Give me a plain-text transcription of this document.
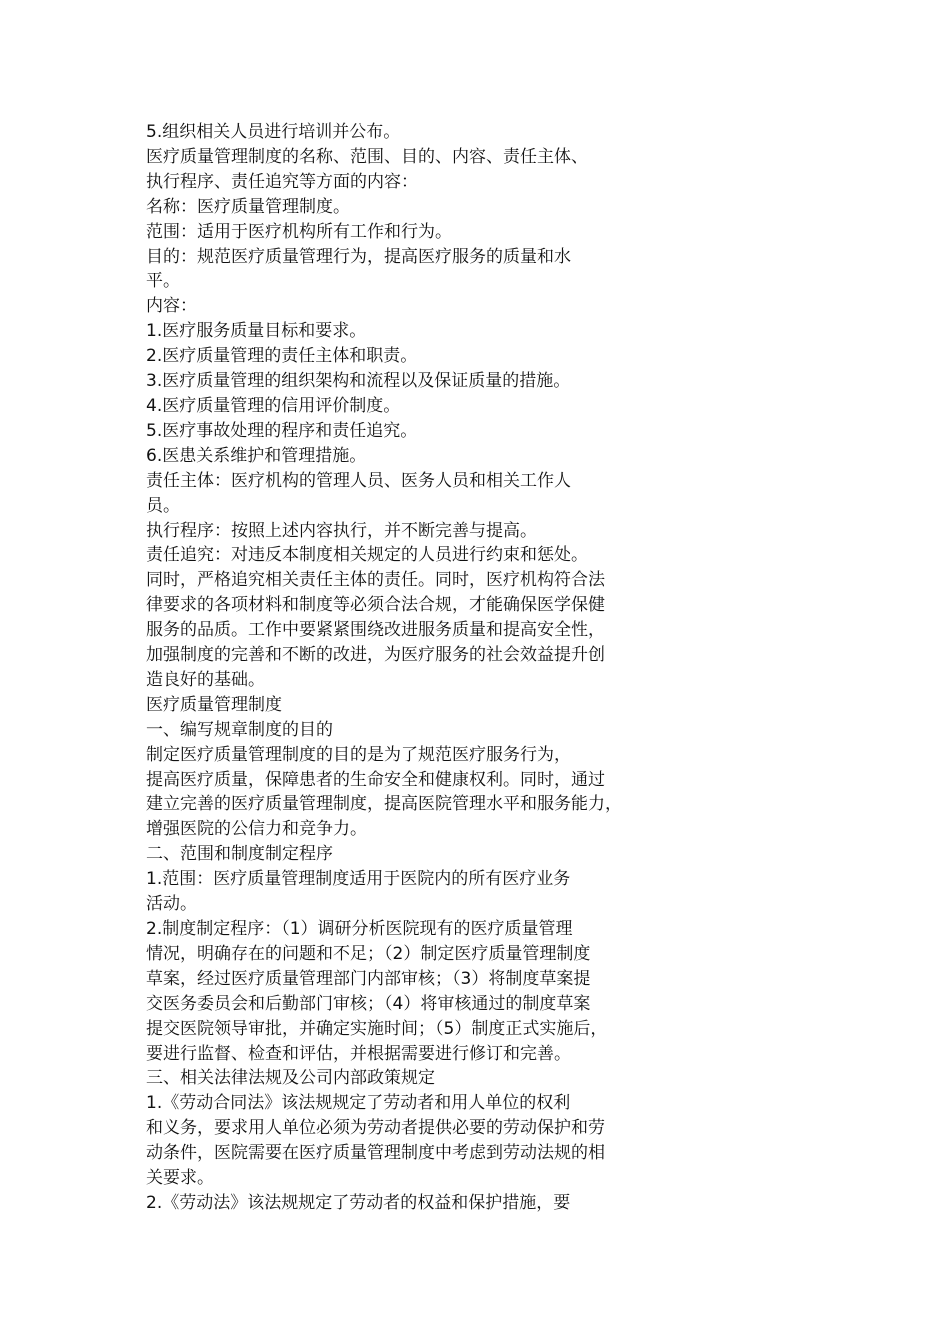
5.组织相关人员进行培训并公布。
医疗质量管理制度的名称、范围、目的、内容、责任主体、
执行程序、责任追究等方面的内容：
名称：医疗质量管理制度。
范围：适用于医疗机构所有工作和行为。
目的：规范医疗质量管理行为，提高医疗服务的质量和水
平。
内容：
1.医疗服务质量目标和要求。
2.医疗质量管理的责任主体和职责。
3.医疗质量管理的组织架构和流程以及保证质量的措施。
4.医疗质量管理的信用评价制度。
5.医疗事故处理的程序和责任追究。
6.医患关系维护和管理措施。
责任主体：医疗机构的管理人员、医务人员和相关工作人
员。
执行程序：按照上述内容执行，并不断完善与提高。
责任追究：对违反本制度相关规定的人员进行约束和惩处。
同时，严格追究相关责任主体的责任。同时，医疗机构符合法
律要求的各项材料和制度等必须合法合规，才能确保医学保健
服务的品质。工作中要紧紧围绕改进服务质量和提高安全性，
加强制度的完善和不断的改进，为医疗服务的社会效益提升创
造良好的基础。
医疗质量管理制度
一、编写规章制度的目的
制定医疗质量管理制度的目的是为了规范医疗服务行为，
提高医疗质量，保障患者的生命安全和健康权利。同时，通过
建立完善的医疗质量管理制度，提高医院管理水平和服务能力，
增强医院的公信力和竞争力。
二、范围和制度制定程序
1.范围：医疗质量管理制度适用于医院内的所有医疗业务
活动。
2.制度制定程序：（1）调研分析医院现有的医疗质量管理
情况，明确存在的问题和不足；（2）制定医疗质量管理制度
草案，经过医疗质量管理部门内部审核；（3）将制度草案提
交医务委员会和后勤部门审核；（4）将审核通过的制度草案
提交医院领导审批，并确定实施时间；（5）制度正式实施后，
要进行监督、检查和评估，并根据需要进行修订和完善。
三、相关法律法规及公司内部政策规定
1.《劳动合同法》该法规规定了劳动者和用人单位的权利
和义务，要求用人单位必须为劳动者提供必要的劳动保护和劳
动条件，医院需要在医疗质量管理制度中考虑到劳动法规的相
关要求。
2.《劳动法》该法规规定了劳动者的权益和保护措施，要
